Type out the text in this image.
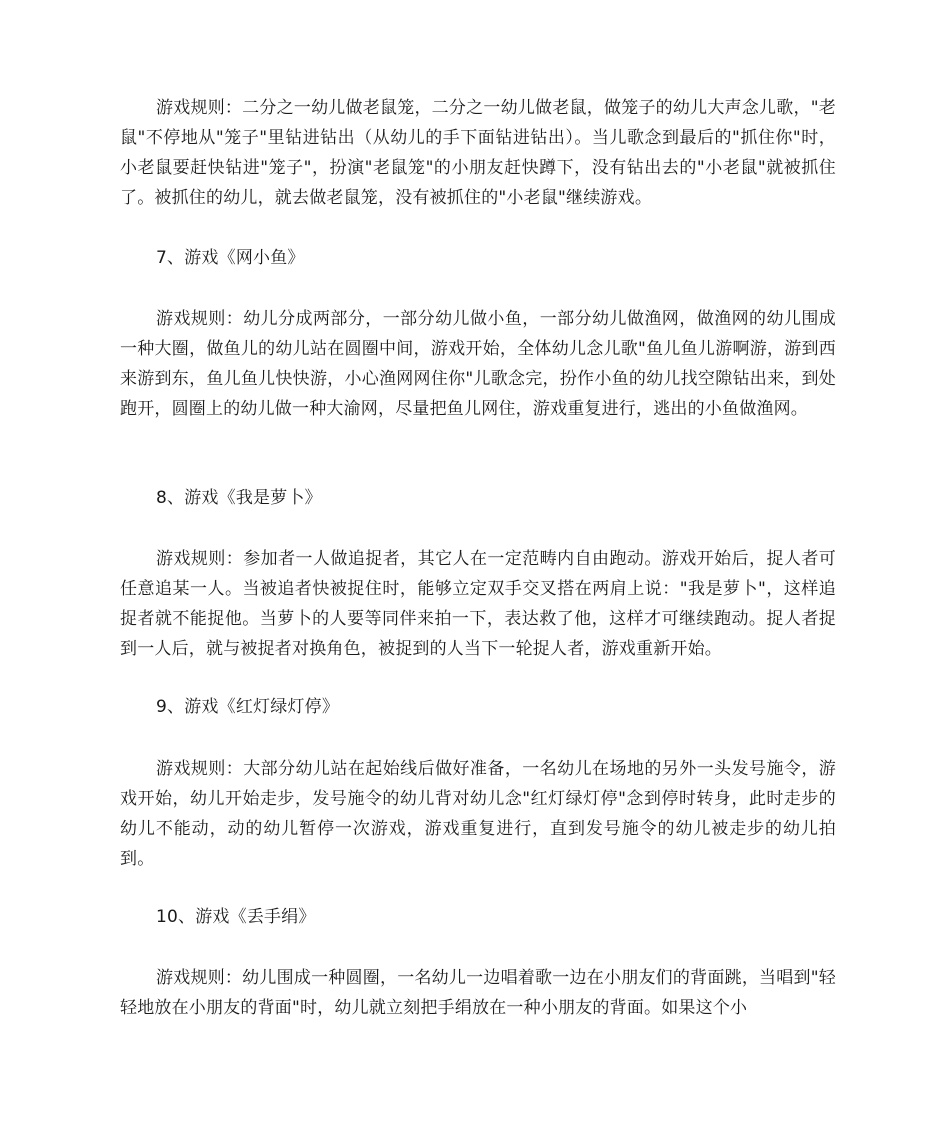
游戏规则：二分之一幼儿做老鼠笼，二分之一幼儿做老鼠，做笼子的幼儿大声念儿歌，"老鼠"不停地从"笼子"里钻进钻出（从幼儿的手下面钻进钻出）。当儿歌念到最后的"抓住你"时，小老鼠要赶快钻进"笼子"，扮演"老鼠笼"的小朋友赶快蹲下，没有钻出去的"小老鼠"就被抓住了。被抓住的幼儿，就去做老鼠笼，没有被抓住的"小老鼠"继续游戏。

7、游戏《网小鱼》

游戏规则：幼儿分成两部分，一部分幼儿做小鱼，一部分幼儿做渔网，做渔网的幼儿围成一种大圈，做鱼儿的幼儿站在圆圈中间，游戏开始，全体幼儿念儿歌"鱼儿鱼儿游啊游，游到西来游到东，鱼儿鱼儿快快游，小心渔网网住你"儿歌念完，扮作小鱼的幼儿找空隙钻出来，到处跑开，圆圈上的幼儿做一种大渝网，尽量把鱼儿网住，游戏重复进行，逃出的小鱼做渔网。

8、游戏《我是萝卜》

游戏规则：参加者一人做追捉者，其它人在一定范畴内自由跑动。游戏开始后，捉人者可任意追某一人。当被追者快被捉住时，能够立定双手交叉搭在两肩上说："我是萝卜"，这样追捉者就不能捉他。当萝卜的人要等同伴来拍一下，表达救了他，这样才可继续跑动。捉人者捉到一人后，就与被捉者对换角色，被捉到的人当下一轮捉人者，游戏重新开始。

9、游戏《红灯绿灯停》

游戏规则：大部分幼儿站在起始线后做好准备，一名幼儿在场地的另外一头发号施令，游戏开始，幼儿开始走步，发号施令的幼儿背对幼儿念"红灯绿灯停"念到停时转身，此时走步的幼儿不能动，动的幼儿暂停一次游戏，游戏重复进行，直到发号施令的幼儿被走步的幼儿拍到。

10、游戏《丢手绢》

游戏规则：幼儿围成一种圆圈，一名幼儿一边唱着歌一边在小朋友们的背面跳，当唱到"轻轻地放在小朋友的背面"时，幼儿就立刻把手绢放在一种小朋友的背面。如果这个小
